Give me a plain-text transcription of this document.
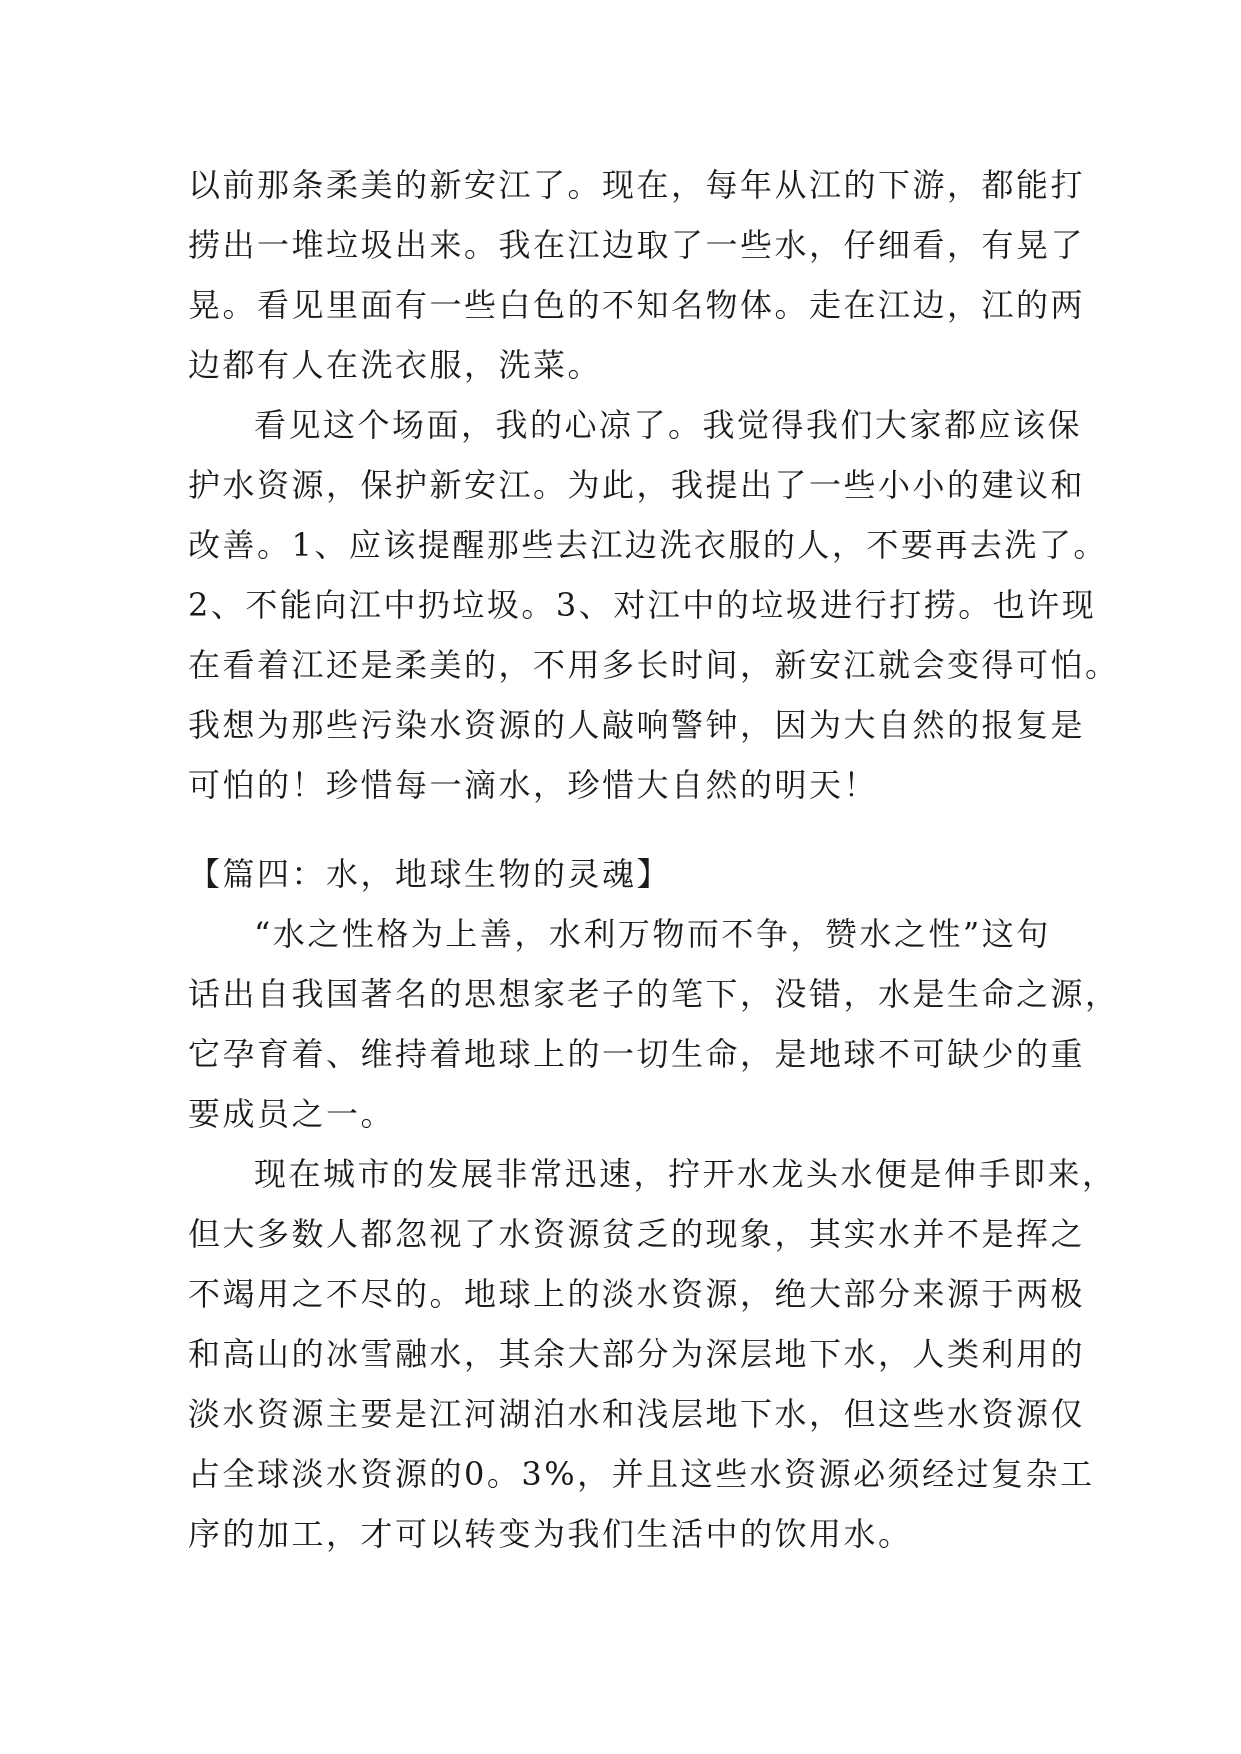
以前那条柔美的新安江了。现在，每年从江的下游，都能打
捞出一堆垃圾出来。我在江边取了一些水，仔细看，有晃了
晃。看见里面有一些白色的不知名物体。走在江边，江的两
边都有人在洗衣服，洗菜。
看见这个场面，我的心凉了。我觉得我们大家都应该保
护水资源，保护新安江。为此，我提出了一些小小的建议和
改善。1、应该提醒那些去江边洗衣服的人，不要再去洗了。
2、不能向江中扔垃圾。3、对江中的垃圾进行打捞。也许现
在看着江还是柔美的，不用多长时间，新安江就会变得可怕。
我想为那些污染水资源的人敲响警钟，因为大自然的报复是
可怕的！珍惜每一滴水，珍惜大自然的明天！
【篇四：水，地球生物的灵魂】
“水之性格为上善，水利万物而不争，赞水之性”这句
话出自我国著名的思想家老子的笔下，没错，水是生命之源，
它孕育着、维持着地球上的一切生命，是地球不可缺少的重
要成员之一。
现在城市的发展非常迅速，拧开水龙头水便是伸手即来，
但大多数人都忽视了水资源贫乏的现象，其实水并不是挥之
不竭用之不尽的。地球上的淡水资源，绝大部分来源于两极
和高山的冰雪融水，其余大部分为深层地下水，人类利用的
淡水资源主要是江河湖泊水和浅层地下水，但这些水资源仅
占全球淡水资源的0。3%，并且这些水资源必须经过复杂工
序的加工，才可以转变为我们生活中的饮用水。
